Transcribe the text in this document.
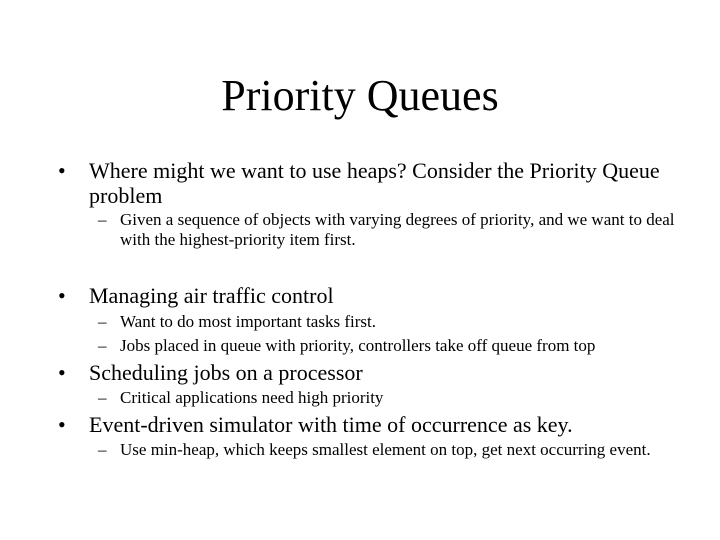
Priority Queues
• Where might we want to use heaps? Consider the Priority Queue problem
– Given a sequence of objects with varying degrees of priority, and we want to deal with the highest-priority item first.
• Managing air traffic control
– Want to do most important tasks first.
– Jobs placed in queue with priority, controllers take off queue from top
• Scheduling jobs on a processor
– Critical applications need high priority
• Event-driven simulator with time of occurrence as key.
– Use min-heap, which keeps smallest element on top, get next occurring event.
